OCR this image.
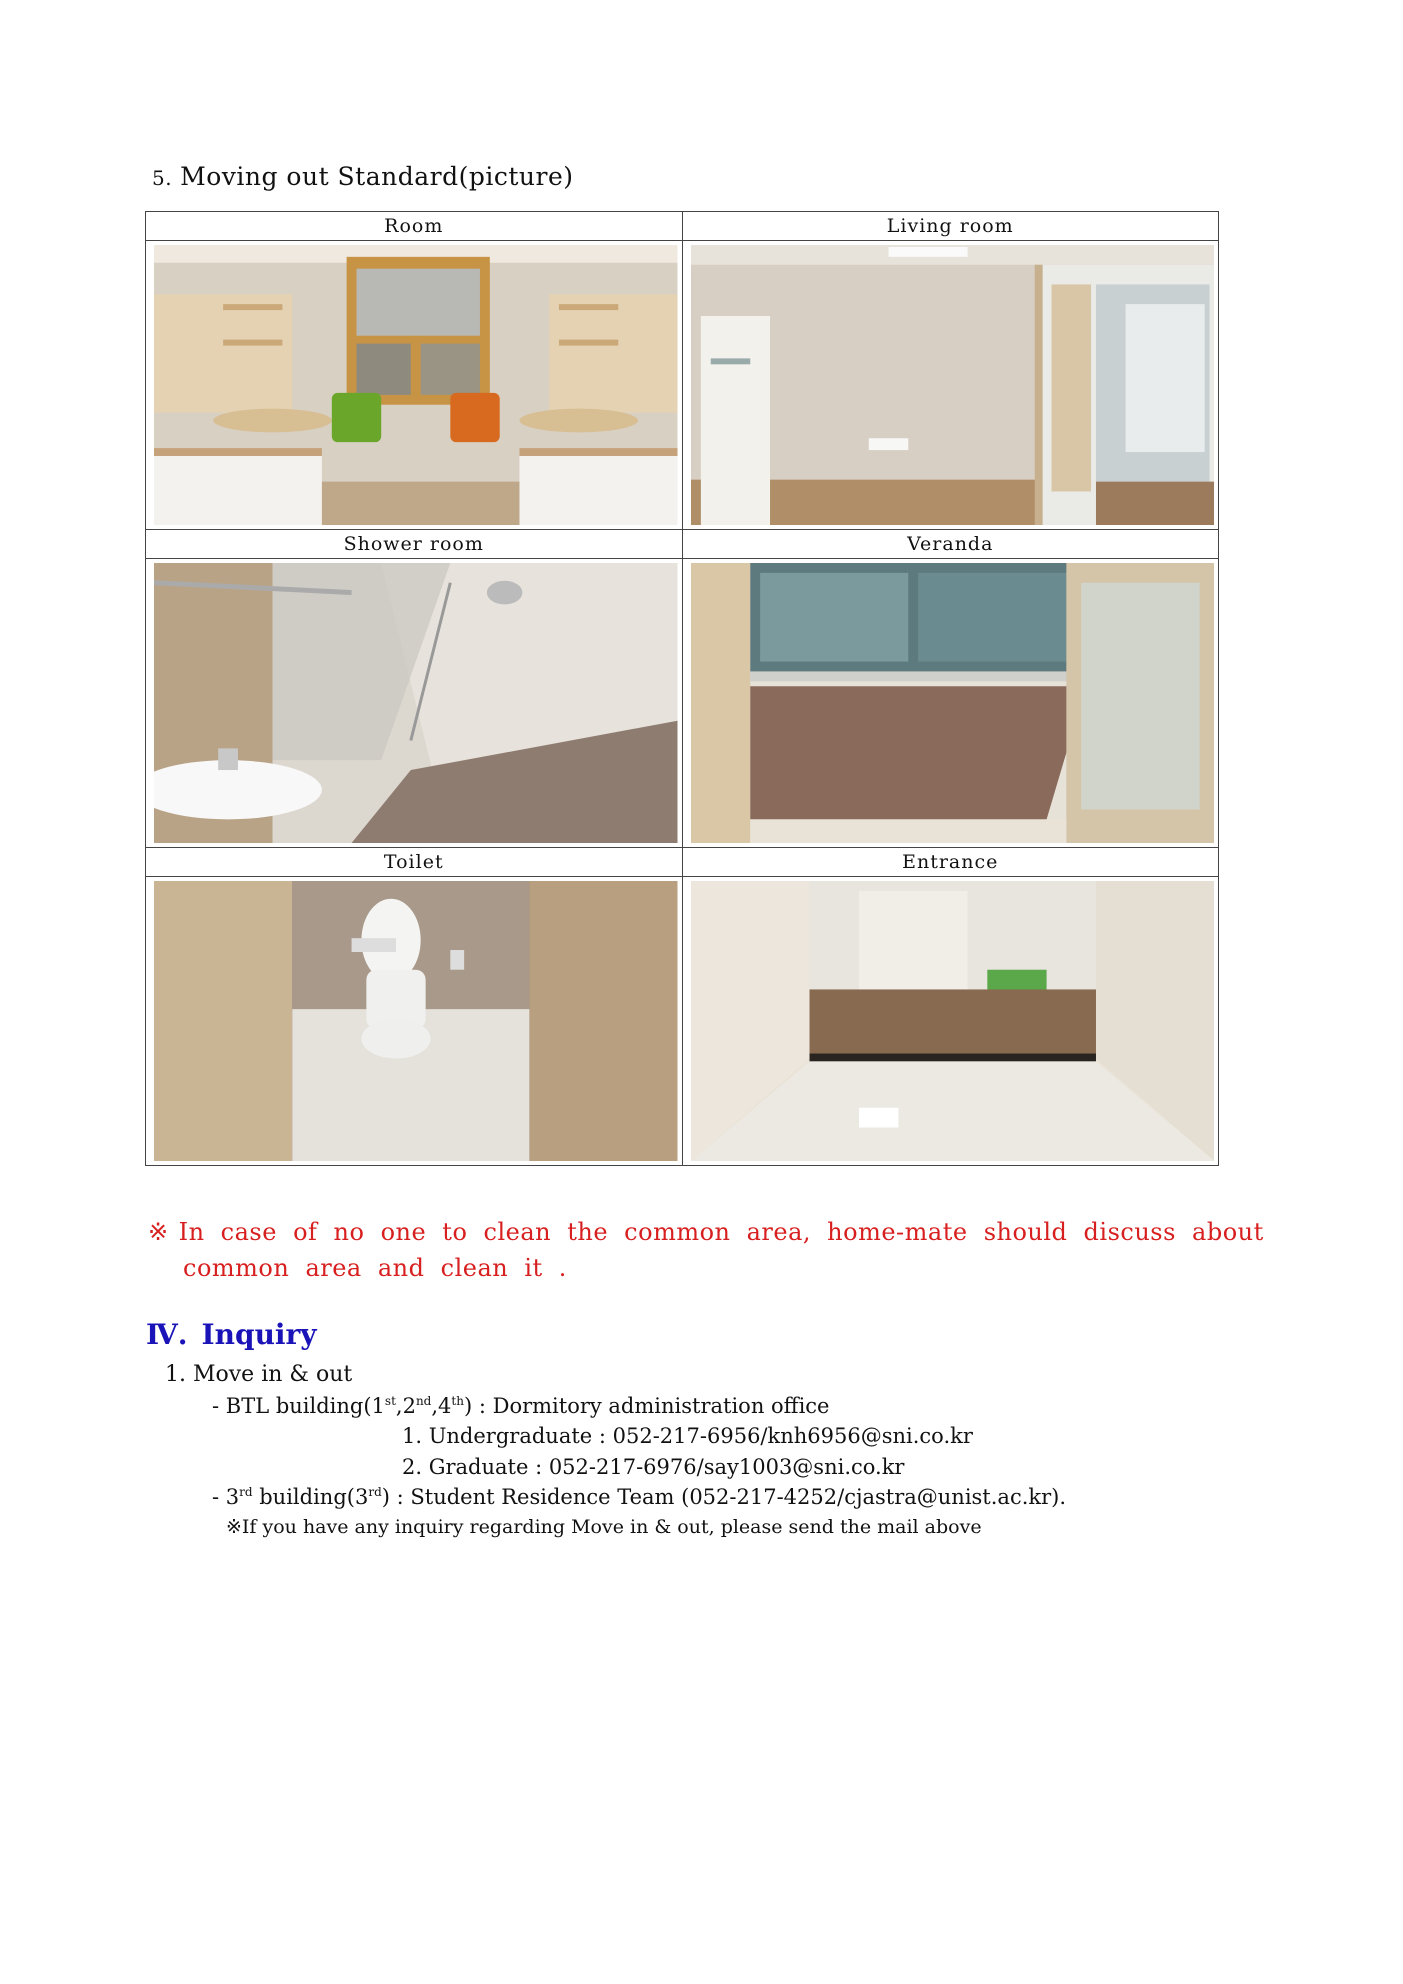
5. Moving out Standard(picture)
Room	Living room

Shower room	Veranda

Toilet	Entrance

※ In case of no one to clean the common area, home-mate should discuss about
common area and clean it .
Ⅳ. Inquiry
1. Move in & out
- BTL building(1st,2nd,4th) : Dormitory administration office
1. Undergraduate : 052-217-6956/knh6956@sni.co.kr
2. Graduate : 052-217-6976/say1003@sni.co.kr
- 3rd building(3rd) : Student Residence Team (052-217-4252/cjastra@unist.ac.kr).
※If you have any inquiry regarding Move in & out, please send the mail above
